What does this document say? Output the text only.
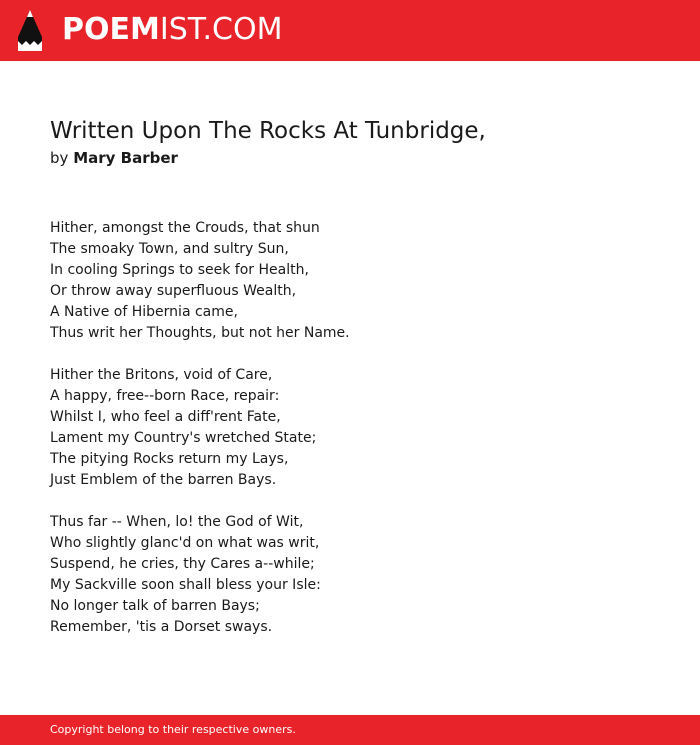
POEMIST.COM
Written Upon The Rocks At Tunbridge,

by Mary Barber

Hither, amongst the Crouds, that shun
The smoaky Town, and sultry Sun,
In cooling Springs to seek for Health,
Or throw away superfluous Wealth,
A Native of Hibernia came,
Thus writ her Thoughts, but not her Name.
Hither the Britons, void of Care,
A happy, free--born Race, repair:
Whilst I, who feel a diff'rent Fate,
Lament my Country's wretched State;
The pitying Rocks return my Lays,
Just Emblem of the barren Bays.
Thus far -- When, lo! the God of Wit,
Who slightly glanc'd on what was writ,
Suspend, he cries, thy Cares a--while;
My Sackville soon shall bless your Isle:
No longer talk of barren Bays;
Remember, 'tis a Dorset sways.
Copyright belong to their respective owners.
